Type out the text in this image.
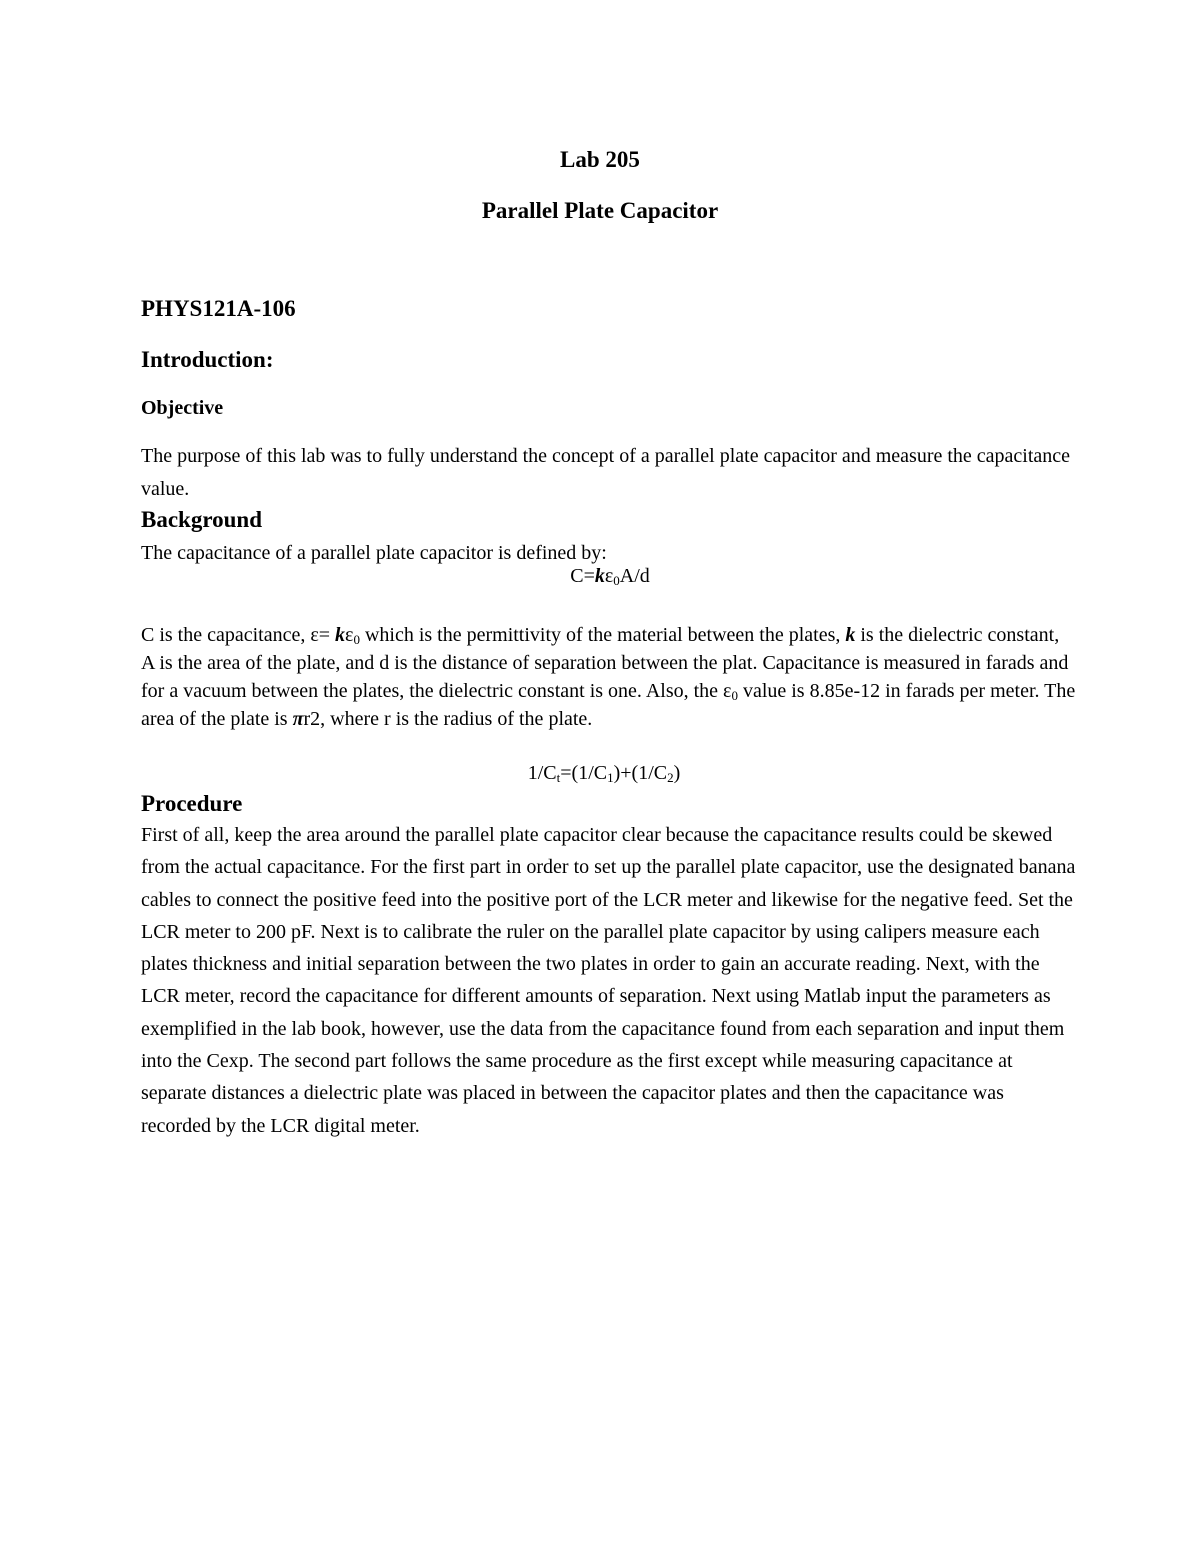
Lab 205
Parallel Plate Capacitor
PHYS121A-106
Introduction:
Objective

The purpose of this lab was to fully understand the concept of a parallel plate capacitor and measure the capacitance value.

Background

The capacitance of a parallel plate capacitor is defined by:

$C=k\varepsilon_0A/d$

C is the capacitance, $\varepsilon= k\varepsilon_0$ which is the permittivity of the material between the plates, k is the dielectric constant, A is the area of the plate, and d is the distance of separation between the plat. Capacitance is measured in farads and for a vacuum between the plates, the dielectric constant is one. Also, the $\varepsilon_0$ value is 8.85e-12 in farads per meter. The area of the plate is πr2, where r is the radius of the plate.

$1/C_t=(1/C_1)+(1/C_2)$

Procedure

First of all, keep the area around the parallel plate capacitor clear because the capacitance results could be skewed from the actual capacitance. For the first part in order to set up the parallel plate capacitor, use the designated banana cables to connect the positive feed into the positive port of the LCR meter and likewise for the negative feed. Set the LCR meter to 200 pF. Next is to calibrate the ruler on the parallel plate capacitor by using calipers measure each plates thickness and initial separation between the two plates in order to gain an accurate reading. Next, with the LCR meter, record the capacitance for different amounts of separation. Next using Matlab input the parameters as exemplified in the lab book, however, use the data from the capacitance found from each separation and input them into the Cexp. The second part follows the same procedure as the first except while measuring capacitance at separate distances a dielectric plate was placed in between the capacitor plates and then the capacitance was recorded by the LCR digital meter.
